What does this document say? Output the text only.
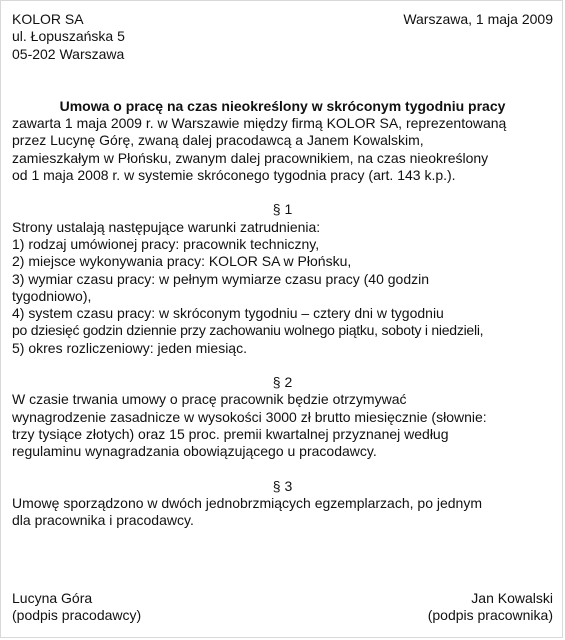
KOLOR SA
ul. Łopuszańska 5
05-202 Warszawa
Warszawa, 1 maja 2009
Umowa o pracę na czas nieokreślony w skróconym tygodniu pracy
zawarta 1 maja 2009 r. w Warszawie między firmą KOLOR SA, reprezentowaną
przez Lucynę Górę, zwaną dalej pracodawcą a Janem Kowalskim,
zamieszkałym w Płońsku, zwanym dalej pracownikiem, na czas nieokreślony
od 1 maja 2008 r. w systemie skróconego tygodnia pracy (art. 143 k.p.).
§ 1
Strony ustalają następujące warunki zatrudnienia:
1) rodzaj umówionej pracy: pracownik techniczny,
2) miejsce wykonywania pracy: KOLOR SA w Płońsku,
3) wymiar czasu pracy: w pełnym wymiarze czasu pracy (40 godzin
tygodniowo),
4) system czasu pracy: w skróconym tygodniu – cztery dni w tygodniu
po dziesięć godzin dziennie przy zachowaniu wolnego piątku, soboty i niedzieli,
5) okres rozliczeniowy: jeden miesiąc.
§ 2
W czasie trwania umowy o pracę pracownik będzie otrzymywać
wynagrodzenie zasadnicze w wysokości 3000 zł brutto miesięcznie (słownie:
trzy tysiące złotych) oraz 15 proc. premii kwartalnej przyznanej według
regulaminu wynagradzania obowiązującego u pracodawcy.
§ 3
Umowę sporządzono w dwóch jednobrzmiących egzemplarzach, po jednym
dla pracownika i pracodawcy.
Lucyna Góra
(podpis pracodawcy)
Jan Kowalski
(podpis pracownika)
